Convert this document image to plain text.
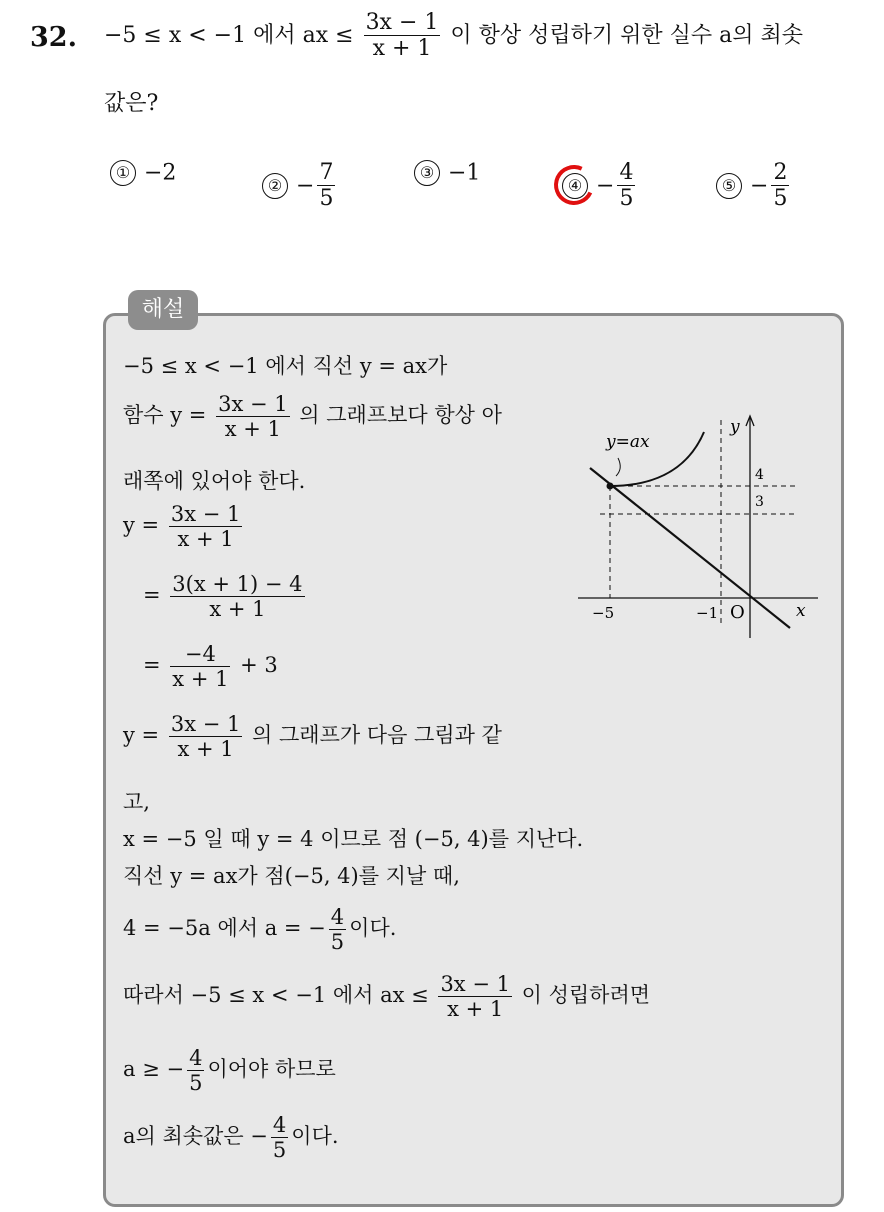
32. −5 ≤ x < −1 에서 ax ≤ $\frac{3x - 1}{x + 1}$ 이 항상 성립하기 위한 실수 a의 최솟
값은?
① −2	② − $\frac{7}{5}$	③ −1	④ − $\frac{4}{5}$	⑤ − $\frac{2}{5}$
해설
−5 ≤ x < −1 에서 직선 y = ax가
함수 $y = \frac{3x - 1}{x + 1}$ 의 그래프보다 항상 아
래쪽에 있어야 한다.
$y = \frac{3x - 1}{x + 1}$
= $\frac{3(x + 1) - 4}{x + 1}$
= $\frac{-4}{x + 1} + 3$
$y = \frac{3x - 1}{x + 1}$ 의 그래프가 다음 그림과 같
고,
x = −5 일 때 y = 4 이므로 점 (−5, 4)를 지난다.
직선 y = ax가 점(−5, 4)를 지날 때,
4 = −5a 에서 a = − $\frac{4}{5}$ 이다.
따라서 −5 ≤ x < −1 에서 ax ≤ $\frac{3x - 1}{x + 1}$ 이 성립하려면
a ≥ − $\frac{4}{5}$ 이어야 하므로
a의 최솟값은 − $\frac{4}{5}$ 이다.
y=ax
y
x
O
4
3
−5	−1
